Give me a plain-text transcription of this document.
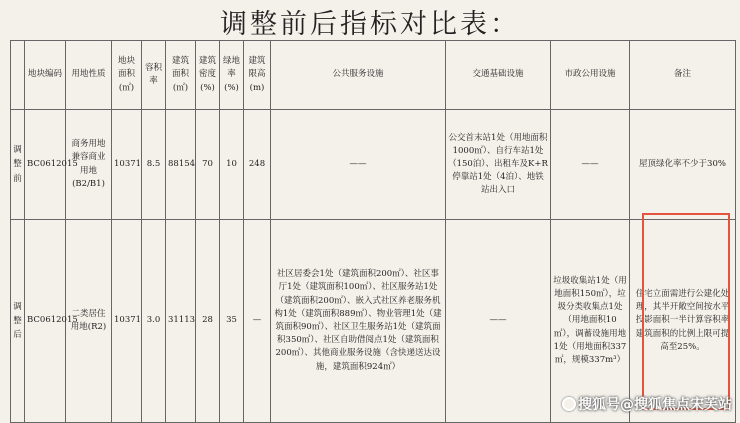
调整前后指标对比表：
	地块编码	用地性质	地块面积(㎡)	容积率	建筑面积(㎡)	建筑密度(%)	绿地率(%)	建筑限高(m)	公共服务设施	交通基础设施	市政公用设施	备注
调整前	BC0612015	商务用地兼容商业用地(B2/B1)	10371	8.5	88154	70	10	248	——	公交首末站1处（用地面积1000㎡）、自行车站1处（150泊）、出租车及K+R停靠站1处（4泊）、地铁站出入口	——	屋顶绿化率不少于30%
调整后	BC0612015	二类居住用地(R2)	10371	3.0	31113	28	35	—	社区居委会1处（建筑面积200㎡）、社区事厅1处（建筑面积100㎡）、社区服务站1处（建筑面积200㎡）、嵌入式社区养老服务机构1处（建筑面积889㎡）、物业管理1处（建筑面积90㎡）、社区卫生服务站1处（建筑面积350㎡）、社区自助借阅点1处（建筑面积200㎡）、其他商业服务设施（含快递送达设施，建筑面积924㎡）	——	垃圾收集站1处（用地面积150㎡），垃圾分类收集点1处（用地面积10㎡），调蓄设施用地1处（用地面积337㎡，规模337m³）	住宅立面需进行公建化处理，其半开敞空间按水平投影面积一半计算容积率建筑面积的比例上限可提高至25%。
搜狐号@搜狐焦点宋芙站
